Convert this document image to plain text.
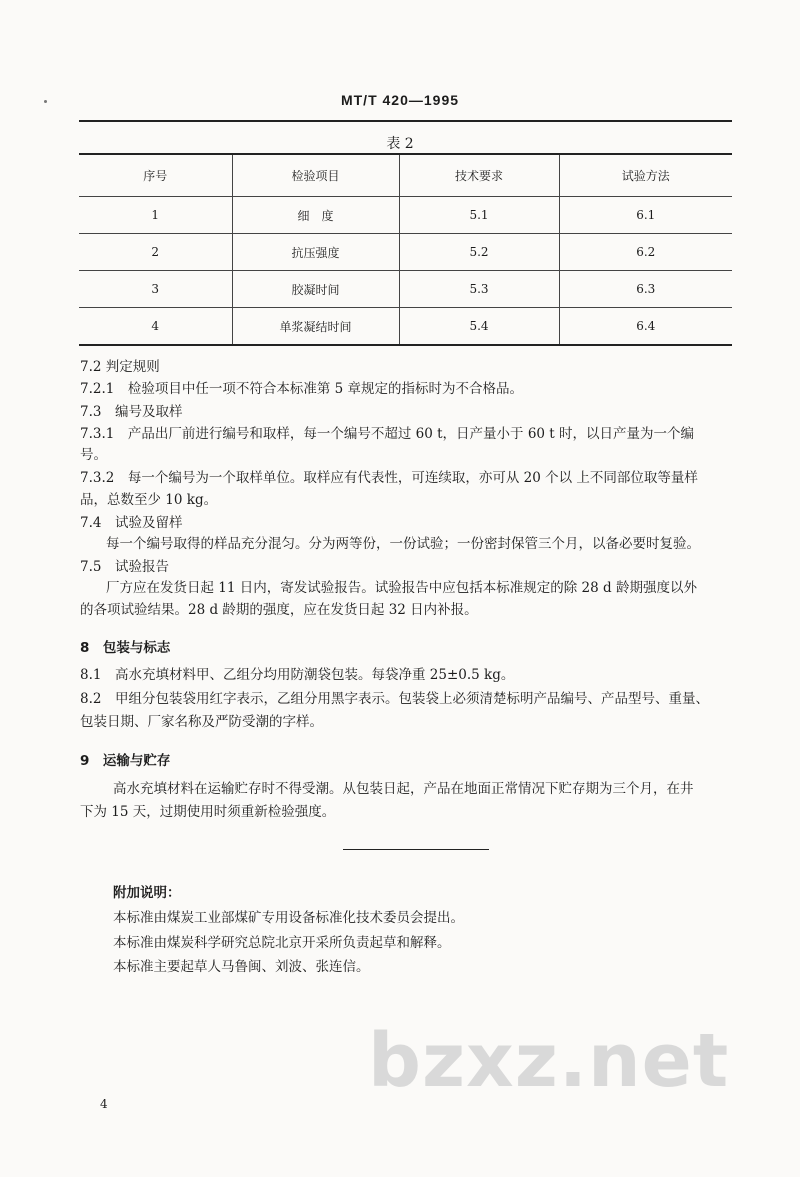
MT/T 420—1995
表 2
序号	检验项目	技术要求	试验方法
1	细　度	5.1	6.1
2	抗压强度	5.2	6.2
3	胶凝时间	5.3	6.3
4	单浆凝结时间	5.4	6.4
7.2 判定规则
7.2.1　检验项目中任一项不符合本标准第 5 章规定的指标时为不合格品。
7.3　编号及取样
7.3.1　产品出厂前进行编号和取样，每一个编号不超过 60 t，日产量小于 60 t 时，以日产量为一个编
号。
7.3.2　每一个编号为一个取样单位。取样应有代表性，可连续取，亦可从 20 个以 上不同部位取等量样
品，总数至少 10 kg。
7.4　试验及留样
每一个编号取得的样品充分混匀。分为两等份，一份试验；一份密封保管三个月，以备必要时复验。
7.5　试验报告
厂方应在发货日起 11 日内，寄发试验报告。试验报告中应包括本标准规定的除 28 d 龄期强度以外
的各项试验结果。28 d 龄期的强度，应在发货日起 32 日内补报。
8　包装与标志
8.1　高水充填材料甲、乙组分均用防潮袋包装。每袋净重 25±0.5 kg。
8.2　甲组分包装袋用红字表示，乙组分用黑字表示。包装袋上必须清楚标明产品编号、产品型号、重量、
包装日期、厂家名称及严防受潮的字样。
9　运输与贮存
高水充填材料在运输贮存时不得受潮。从包装日起，产品在地面正常情况下贮存期为三个月，在井
下为 15 天，过期使用时须重新检验强度。
附加说明：
本标准由煤炭工业部煤矿专用设备标准化技术委员会提出。
本标准由煤炭科学研究总院北京开采所负责起草和解释。
本标准主要起草人马鲁闽、刘波、张连信。
bzxz.net
4
